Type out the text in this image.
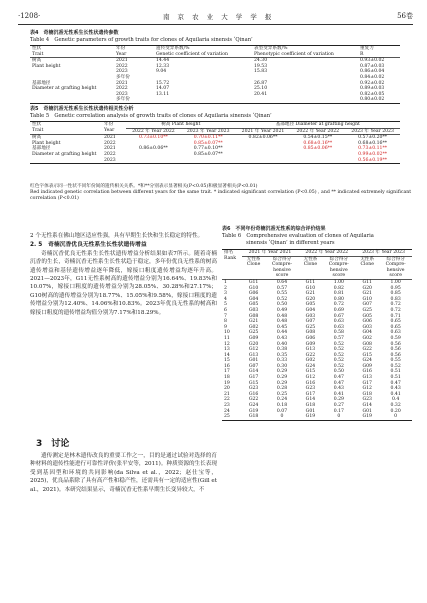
·1208·	南 京 农 业 大 学 学 报	56卷
表4　奇楠沉香无性系生长性状遗传参数
Table 4　Genetic parameters of growth traits for clones of Aquilaria sinensis ‘Qinan’
性状	年份	遗传变异系数/%	表型变异系数/%	重复力
Trait	Year	Genetic coefficient of variation	Phenotypic coefficient of variation	R
树高	2021	14.44	24.30	0.93±0.02
Plant height	2022	12.33	19.53	0.87±0.03
	2023	9.04	15.83	0.86±0.04
	多年份			0.84±0.02
基部地径	2021	15.72	26.87	0.92±0.02
Diameter at grafting height	2022	14.07	25.10	0.89±0.03
	2023	13.11	20.41	0.82±0.05
	多年份			0.80±0.02
表5　奇楠沉香无性系生长性状遗传相关性分析
Table 5　Genetic correlation analysis of growth traits of clones of Aquilaria sinensis ‘Qinan’
性状	年份	树高 Plant height		基部地径 Diameter at grafting height		
Trait	Year	2022 年 Year 2022	2023 年 Year 2023	2021 年 Year 2021	2022 年 Year 2022	2023 年 Year 2023
树高	2021	0.73±0.10**	0.70±0.11**	0.82±0.06**	0.54±0.15**	0.57±0.20**
Plant height	2022		0.85±0.07**		0.68±0.16**	0.68±0.16**
基部地径	2021	0.86±0.06**	0.77±0.10**		0.85±0.06**	0.73±0.11**
Diameter at grafting height	2022		0.85±0.07**			0.99±0.02**
	2023					0.56±0.19**
红色字体表示同一性状不同年份间的遗传相关关系。*和**分别表示显著相关(P<0.05)和极显著相关(P<0.01)
Red indicated genetic correlation between different years for the same trait. * indicated significant correlation (P<0.05) , and ** indicated extremely significant correlation (P<0.01)

2 个无性系在佛山地区适应性强，具有早期生长快和生长稳定的特性。

2. 5　奇楠沉香优良无性系生长性状遗传增益

奇楠沉香优良无性系生长性状遗传增益分析结果如表7所示。随着奇楠沉香的生长，奇楠沉香无性系生长性状趋于稳定，多年份优良无性系的树高遗传增益和基径遗传增益逐年降低，嫁接口粗度遗传增益均逐年升高。2021—2023年，G11无性系树高的遗传增益分别为16.64%、19.83%和10.07%，嫁接口粗度的遗传增益分别为28.05%、30.28%和27.17%；G10树高的遗传增益分别为18.77%、15.05%和9.58%，嫁接口粗度的遗传增益分别为12.40%、14.06%和10.83%。2023年优良无性系的树高和嫁接口粗度的遗传增益均值分别为7.17%和18.29%。

3　讨论
遗传测定是林木遗传改良的重要工作之一，目的是通过试验对选择的育种材料的遗传性能进行可靠性评价(张平安等，2011)。种质资源的生长表现受到基因型和环境的共同影响(da Silva et al.，2022；赵仕宝等，2025)，优良品系除了具有高产性和稳产性，还需具有一定的适应性(Gill et al.，2021)。本研究结果显示，奇楠沉香无性系早期生长变异较大，不
表6　不同年份奇楠沉香无性系的综合评价结果
Table 6　Comprehensive evaluation of clones of Aquilaria
sinensis ‘Qinan’ in different years
排名	2021 年 Year 2021		2022 年 Year 2022		2023 年 Year 2023	
Rank	无性系	综合得分	无性系	综合得分	无性系	综合得分
	Clone	Compre-	Clone	Compre-	Clone	Compre-
		hensive		hensive		hensive
		score		score		score
1	G11	0.64	G11	1.00	G11	1.00
2	G10	0.57	G10	0.82	G20	0.95
3	G06	0.55	G21	0.81	G21	0.85
4	G04	0.52	G20	0.80	G10	0.83
5	G05	0.50	G05	0.72	G07	0.72
6	G03	0.49	G04	0.69	G25	0.72
7	G08	0.48	G03	0.67	G05	0.71
8	G21	0.48	G07	0.63	G06	0.65
9	G02	0.45	G25	0.63	G03	0.65
10	G25	0.44	G08	0.58	G04	0.63
11	G09	0.43	G06	0.57	G02	0.59
12	G20	0.40	G09	0.52	G08	0.56
13	G12	0.38	G13	0.52	G22	0.56
14	G13	0.35	G22	0.52	G15	0.56
15	G01	0.33	G02	0.52	G24	0.55
16	G07	0.30	G24	0.52	G09	0.52
17	G14	0.29	G15	0.50	G16	0.51
18	G17	0.29	G12	0.47	G13	0.51
19	G15	0.29	G16	0.47	G17	0.47
20	G23	0.28	G23	0.43	G12	0.43
21	G16	0.25	G17	0.41	G18	0.41
22	G22	0.24	G14	0.29	G23	0.4
23	G24	0.18	G18	0.27	G14	0.32
24	G19	0.07	G01	0.17	G01	0.20
25	G18	0	G19	0	G19	0
